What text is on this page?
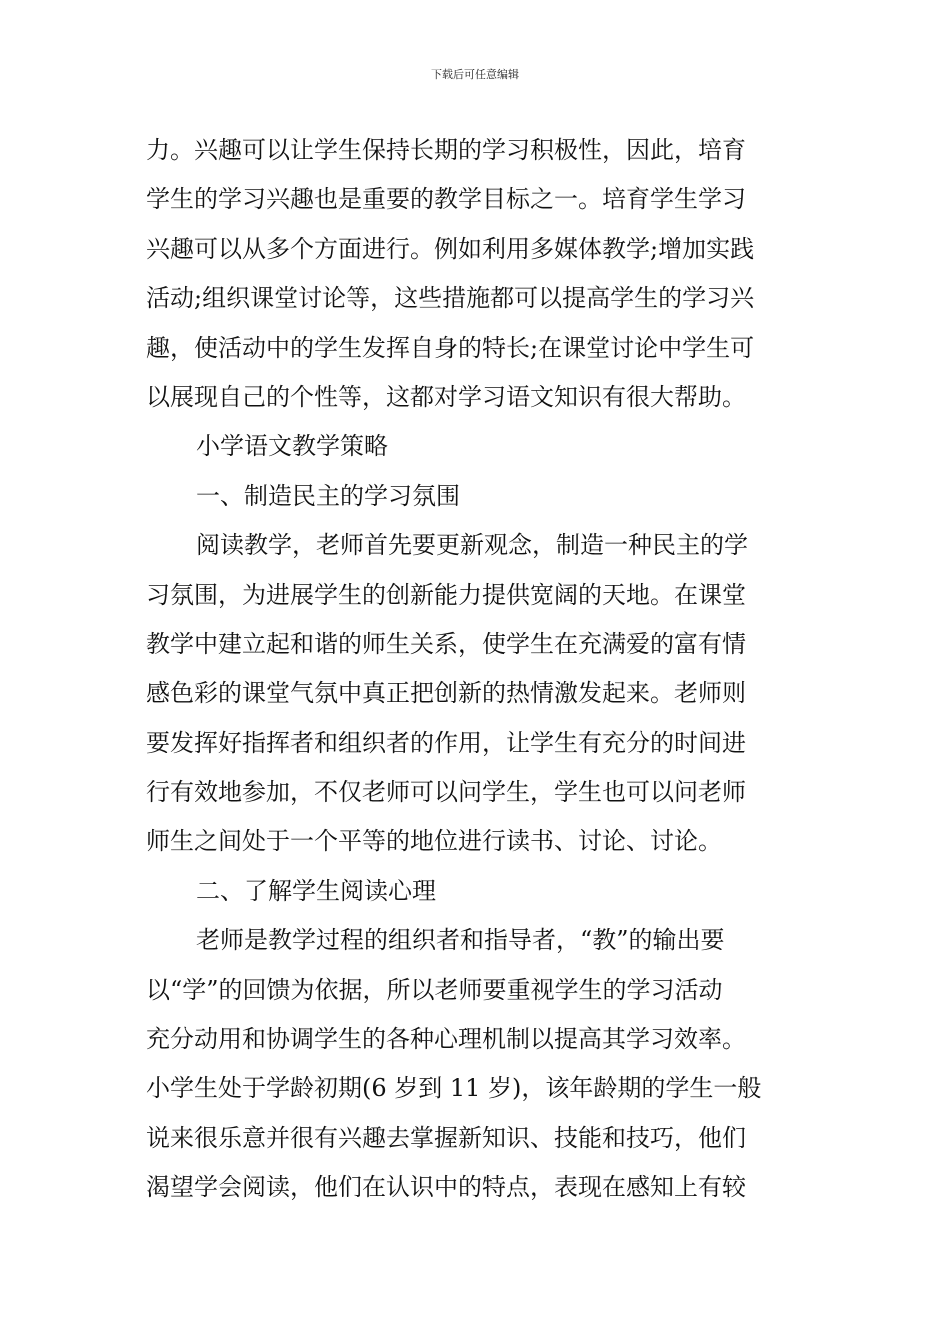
下载后可任意编辑
力。兴趣可以让学生保持长期的学习积极性，因此，培育
学生的学习兴趣也是重要的教学目标之一。培育学生学习
兴趣可以从多个方面进行。例如利用多媒体教学;增加实践
活动;组织课堂讨论等，这些措施都可以提高学生的学习兴
趣，使活动中的学生发挥自身的特长;在课堂讨论中学生可
以展现自己的个性等，这都对学习语文知识有很大帮助。
小学语文教学策略
一、制造民主的学习氛围
阅读教学，老师首先要更新观念，制造一种民主的学
习氛围，为进展学生的创新能力提供宽阔的天地。在课堂
教学中建立起和谐的师生关系，使学生在充满爱的富有情
感色彩的课堂气氛中真正把创新的热情激发起来。老师则
要发挥好指挥者和组织者的作用，让学生有充分的时间进
行有效地参加，不仅老师可以问学生，学生也可以问老师
师生之间处于一个平等的地位进行读书、讨论、讨论。
二、了解学生阅读心理
老师是教学过程的组织者和指导者，“教”的输出要
以“学”的回馈为依据，所以老师要重视学生的学习活动
充分动用和协调学生的各种心理机制以提高其学习效率。
小学生处于学龄初期(6 岁到 11 岁)，该年龄期的学生一般
说来很乐意并很有兴趣去掌握新知识、技能和技巧，他们
渴望学会阅读，他们在认识中的特点，表现在感知上有较
